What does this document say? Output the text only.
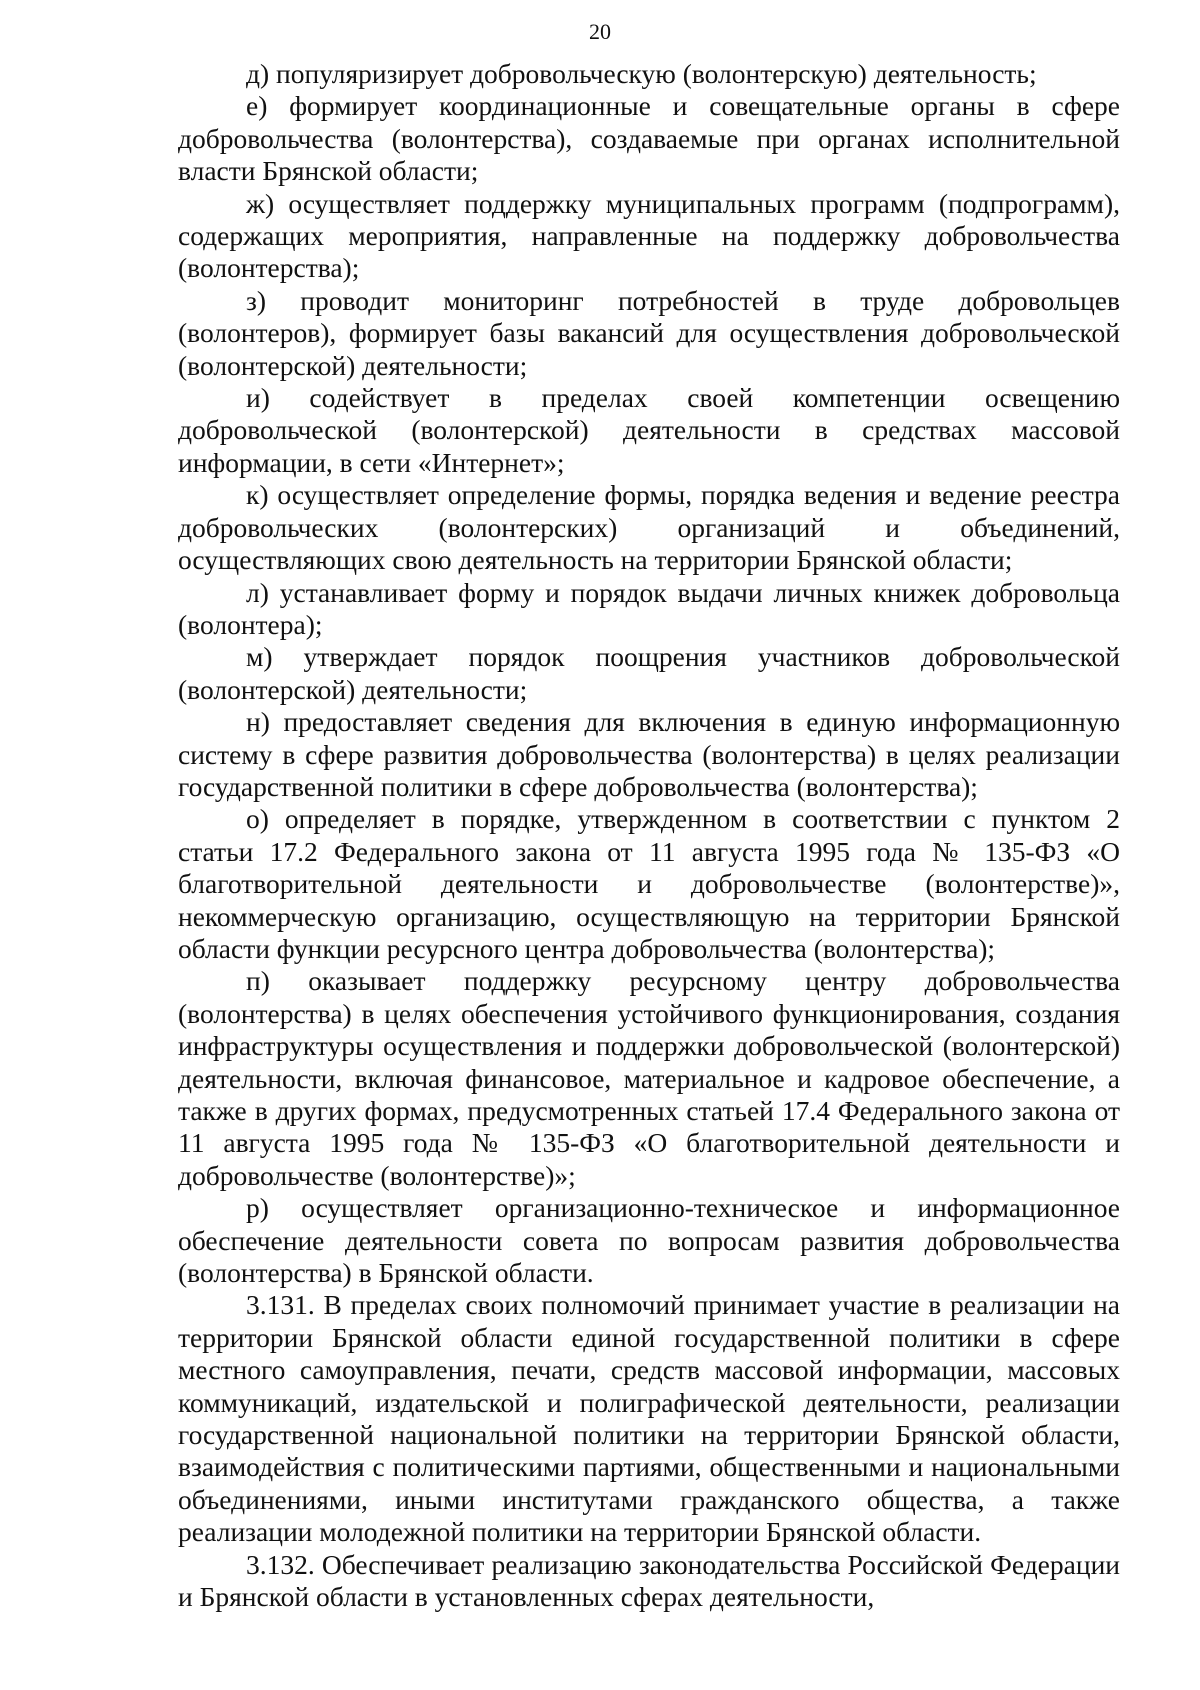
20

д) популяризирует добровольческую (волонтерскую) деятельность;

е) формирует координационные и совещательные органы в сфере добровольчества (волонтерства), создаваемые при органах исполнительной власти Брянской области;

ж) осуществляет поддержку муниципальных программ (подпрограмм), содержащих мероприятия, направленные на поддержку добровольчества (волонтерства);

з) проводит мониторинг потребностей в труде добровольцев (волонтеров), формирует базы вакансий для осуществления добровольческой (волонтерской) деятельности;

и) содействует в пределах своей компетенции освещению добровольческой (волонтерской) деятельности в средствах массовой информации, в сети «Интернет»;

к) осуществляет определение формы, порядка ведения и ведение реестра добровольческих (волонтерских) организаций и объединений, осуществляющих свою деятельность на территории Брянской области;

л) устанавливает форму и порядок выдачи личных книжек добровольца (волонтера);

м) утверждает порядок поощрения участников добровольческой (волонтерской) деятельности;

н) предоставляет сведения для включения в единую информационную систему в сфере развития добровольчества (волонтерства) в целях реализации государственной политики в сфере добровольчества (волонтерства);

о) определяет в порядке, утвержденном в соответствии с пунктом 2 статьи 17.2 Федерального закона от 11 августа 1995 года № 135-ФЗ «О благотворительной деятельности и добровольчестве (волонтерстве)», некоммерческую организацию, осуществляющую на территории Брянской области функции ресурсного центра добровольчества (волонтерства);

п) оказывает поддержку ресурсному центру добровольчества (волонтерства) в целях обеспечения устойчивого функционирования, создания инфраструктуры осуществления и поддержки добровольческой (волонтерской) деятельности, включая финансовое, материальное и кадровое обеспечение, а также в других формах, предусмотренных статьей 17.4 Федерального закона от 11 августа 1995 года № 135-ФЗ «О благотворительной деятельности и добровольчестве (волонтерстве)»;

р) осуществляет организационно-техническое и информационное обеспечение деятельности совета по вопросам развития добровольчества (волонтерства) в Брянской области.

3.131. В пределах своих полномочий принимает участие в реализации на территории Брянской области единой государственной политики в сфере местного самоуправления, печати, средств массовой информации, массовых коммуникаций, издательской и полиграфической деятельности, реализации государственной национальной политики на территории Брянской области, взаимодействия с политическими партиями, общественными и национальными объединениями, иными институтами гражданского общества, а также реализации молодежной политики на территории Брянской области.

3.132. Обеспечивает реализацию законодательства Российской Федерации и Брянской области в установленных сферах деятельности,
